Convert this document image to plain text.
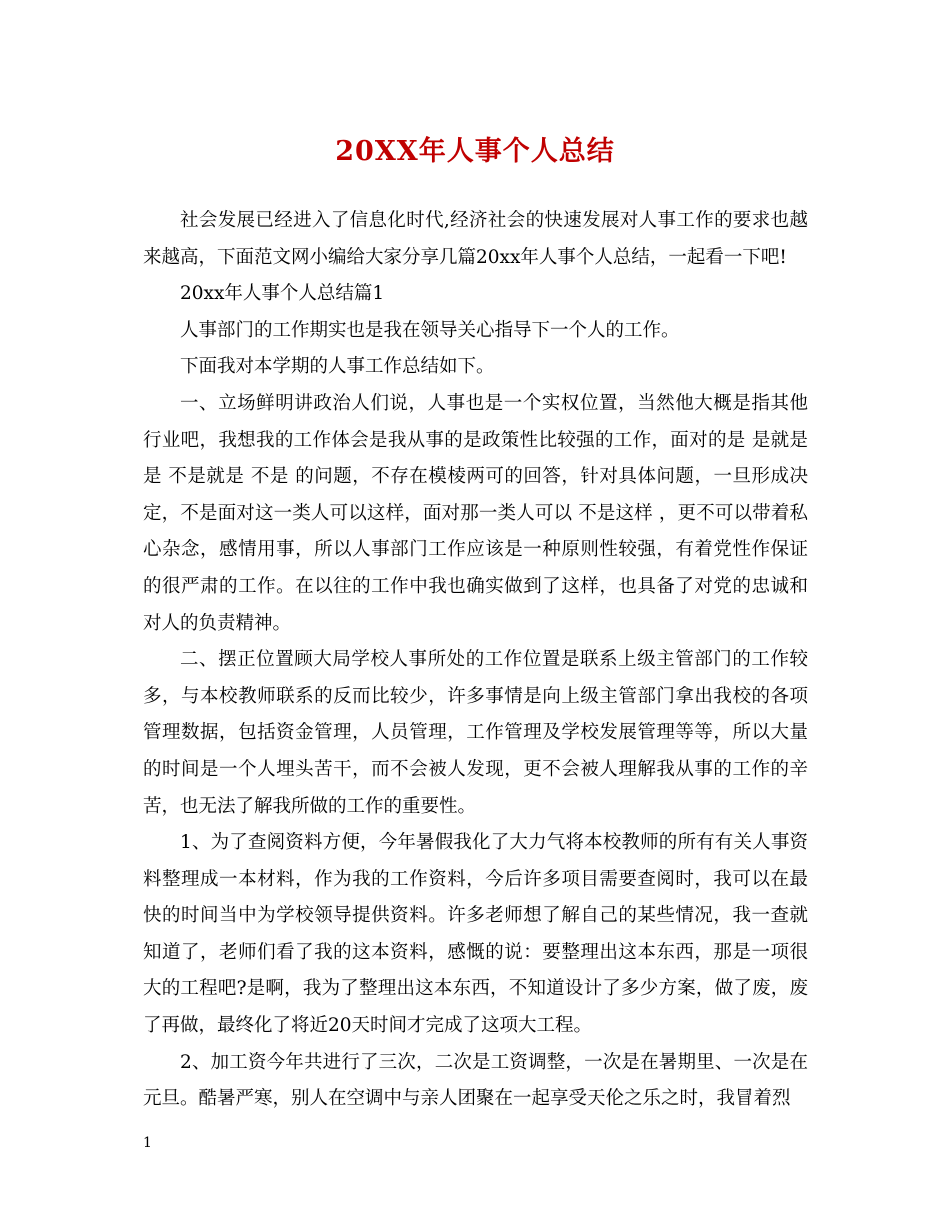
20XX年人事个人总结

社会发展已经进入了信息化时代,经济社会的快速发展对人事工作的要求也越来越高，下面范文网小编给大家分享几篇20xx年人事个人总结，一起看一下吧!

20xx年人事个人总结篇1

人事部门的工作期实也是我在领导关心指导下一个人的工作。

下面我对本学期的人事工作总结如下。

一、立场鲜明讲政治人们说，人事也是一个实权位置，当然他大概是指其他行业吧，我想我的工作体会是我从事的是政策性比较强的工作，面对的是 是就是是 不是就是 不是 的问题，不存在模棱两可的回答，针对具体问题，一旦形成决定，不是面对这一类人可以这样，面对那一类人可以 不是这样 ，更不可以带着私心杂念，感情用事，所以人事部门工作应该是一种原则性较强，有着党性作保证的很严肃的工作。在以往的工作中我也确实做到了这样，也具备了对党的忠诚和对人的负责精神。

二、摆正位置顾大局学校人事所处的工作位置是联系上级主管部门的工作较多，与本校教师联系的反而比较少，许多事情是向上级主管部门拿出我校的各项管理数据，包括资金管理，人员管理，工作管理及学校发展管理等等，所以大量的时间是一个人埋头苦干，而不会被人发现，更不会被人理解我从事的工作的辛苦，也无法了解我所做的工作的重要性。

1、为了查阅资料方便，今年暑假我化了大力气将本校教师的所有有关人事资料整理成一本材料，作为我的工作资料，今后许多项目需要查阅时，我可以在最快的时间当中为学校领导提供资料。许多老师想了解自己的某些情况，我一查就知道了，老师们看了我的这本资料，感慨的说：要整理出这本东西，那是一项很大的工程吧?是啊，我为了整理出这本东西，不知道设计了多少方案，做了废，废了再做，最终化了将近20天时间才完成了这项大工程。

2、加工资今年共进行了三次，二次是工资调整，一次是在暑期里、一次是在元旦。酷暑严寒，别人在空调中与亲人团聚在一起享受天伦之乐之时，我冒着烈

1
